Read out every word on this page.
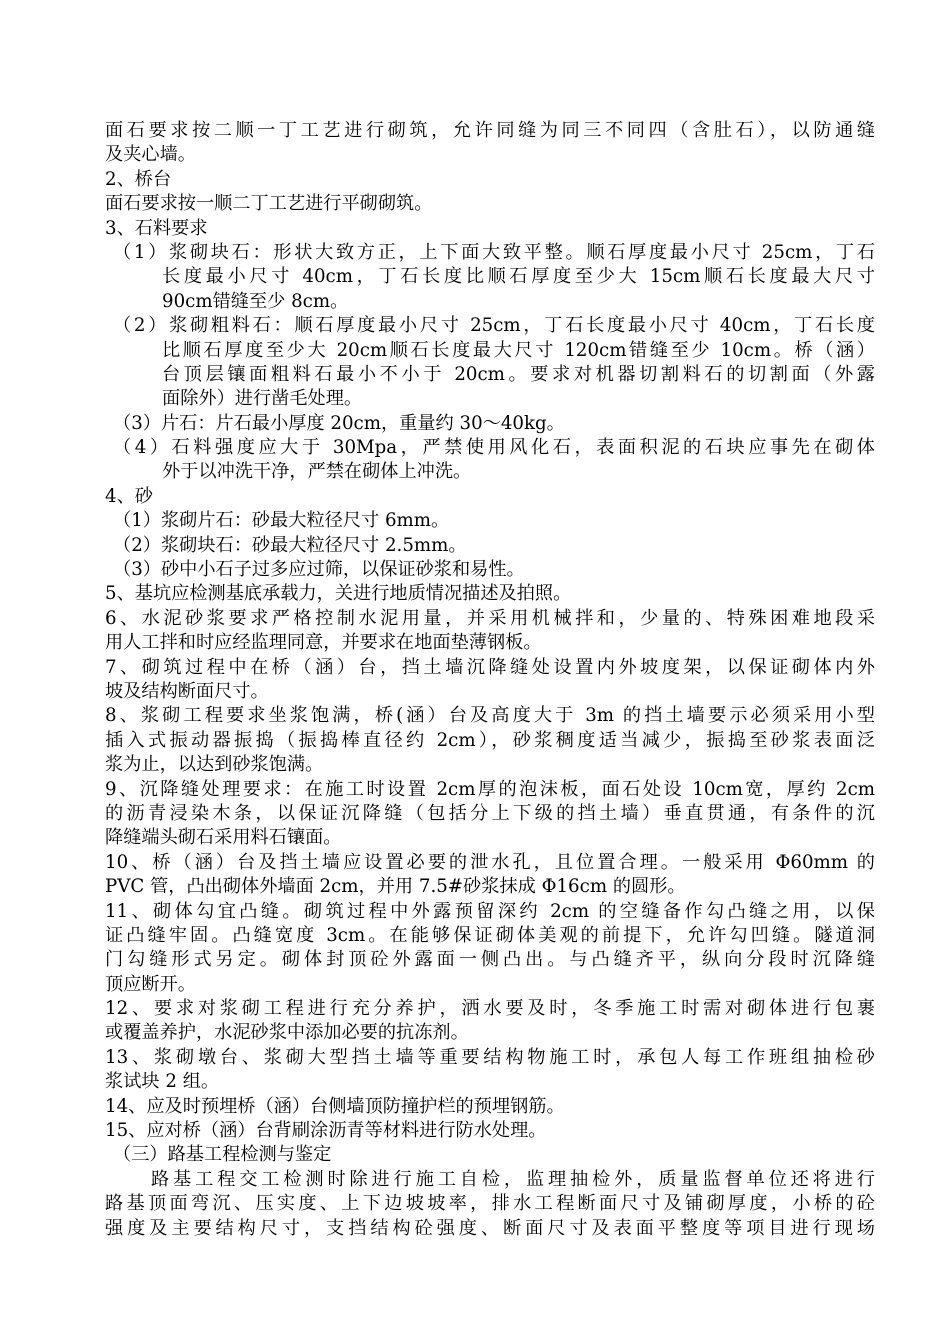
面石要求按二顺一丁工艺进行砌筑，允许同缝为同三不同四（含肚石），以防通缝
及夹心墙。
2、桥台
面石要求按一顺二丁工艺进行平砌砌筑。
3、石料要求
（1）浆砌块石：形状大致方正，上下面大致平整。顺石厚度最小尺寸 25cm，丁石
长度最小尺寸 40cm，丁石长度比顺石厚度至少大 15cm顺石长度最大尺寸
90cm错缝至少 8cm。
（2）浆砌粗料石：顺石厚度最小尺寸 25cm，丁石长度最小尺寸 40cm，丁石长度
比顺石厚度至少大 20cm顺石长度最大尺寸 120cm错缝至少 10cm。桥（涵）
台顶层镶面粗料石最小不小于 20cm。要求对机器切割料石的切割面（外露
面除外）进行凿毛处理。
（3）片石：片石最小厚度 20cm，重量约 30～40kg。
（4）石料强度应大于 30Mpa，严禁使用风化石，表面积泥的石块应事先在砌体
外于以冲洗干净，严禁在砌体上冲洗。
4、砂
（1）浆砌片石：砂最大粒径尺寸 6mm。
（2）浆砌块石：砂最大粒径尺寸 2.5mm。
（3）砂中小石子过多应过筛，以保证砂浆和易性。
5、基坑应检测基底承载力，关进行地质情况描述及拍照。
6、水泥砂浆要求严格控制水泥用量，并采用机械拌和，少量的、特殊困难地段采
用人工拌和时应经监理同意，并要求在地面垫薄钢板。
7、砌筑过程中在桥（涵）台，挡土墙沉降缝处设置内外坡度架，以保证砌体内外
坡及结构断面尺寸。
8、浆砌工程要求坐浆饱满，桥(涵）台及高度大于 3m 的挡土墙要示必须采用小型
插入式振动器振捣（振捣棒直径约 2cm），砂浆稠度适当减少，振捣至砂浆表面泛
浆为止，以达到砂浆饱满。
9、沉降缝处理要求：在施工时设置 2cm厚的泡沫板，面石处设 10cm宽，厚约 2cm
的沥青浸染木条，以保证沉降缝（包括分上下级的挡土墙）垂直贯通，有条件的沉
降缝端头砌石采用料石镶面。
10、桥（涵）台及挡土墙应设置必要的泄水孔，且位置合理。一般采用 Φ60mm 的
PVC 管，凸出砌体外墙面 2cm，并用 7.5#砂浆抹成 Φ16cm 的圆形。
11、砌体勾宜凸缝。砌筑过程中外露预留深约 2cm 的空缝备作勾凸缝之用，以保
证凸缝牢固。凸缝宽度 3cm。在能够保证砌体美观的前提下，允许勾凹缝。隧道洞
门勾缝形式另定。砌体封顶砼外露面一侧凸出。与凸缝齐平，纵向分段时沉降缝
顶应断开。
12、要求对浆砌工程进行充分养护，洒水要及时，冬季施工时需对砌体进行包裹
或覆盖养护，水泥砂浆中添加必要的抗冻剂。
13、浆砌墩台、浆砌大型挡土墙等重要结构物施工时，承包人每工作班组抽检砂
浆试块 2 组。
14、应及时预埋桥（涵）台侧墙顶防撞护栏的预埋钢筋。
15、应对桥（涵）台背刷涂沥青等材料进行防水处理。
（三）路基工程检测与鉴定
路基工程交工检测时除进行施工自检，监理抽检外，质量监督单位还将进行
路基顶面弯沉、压实度、上下边坡坡率，排水工程断面尺寸及铺砌厚度，小桥的砼
强度及主要结构尺寸，支挡结构砼强度、断面尺寸及表面平整度等项目进行现场
